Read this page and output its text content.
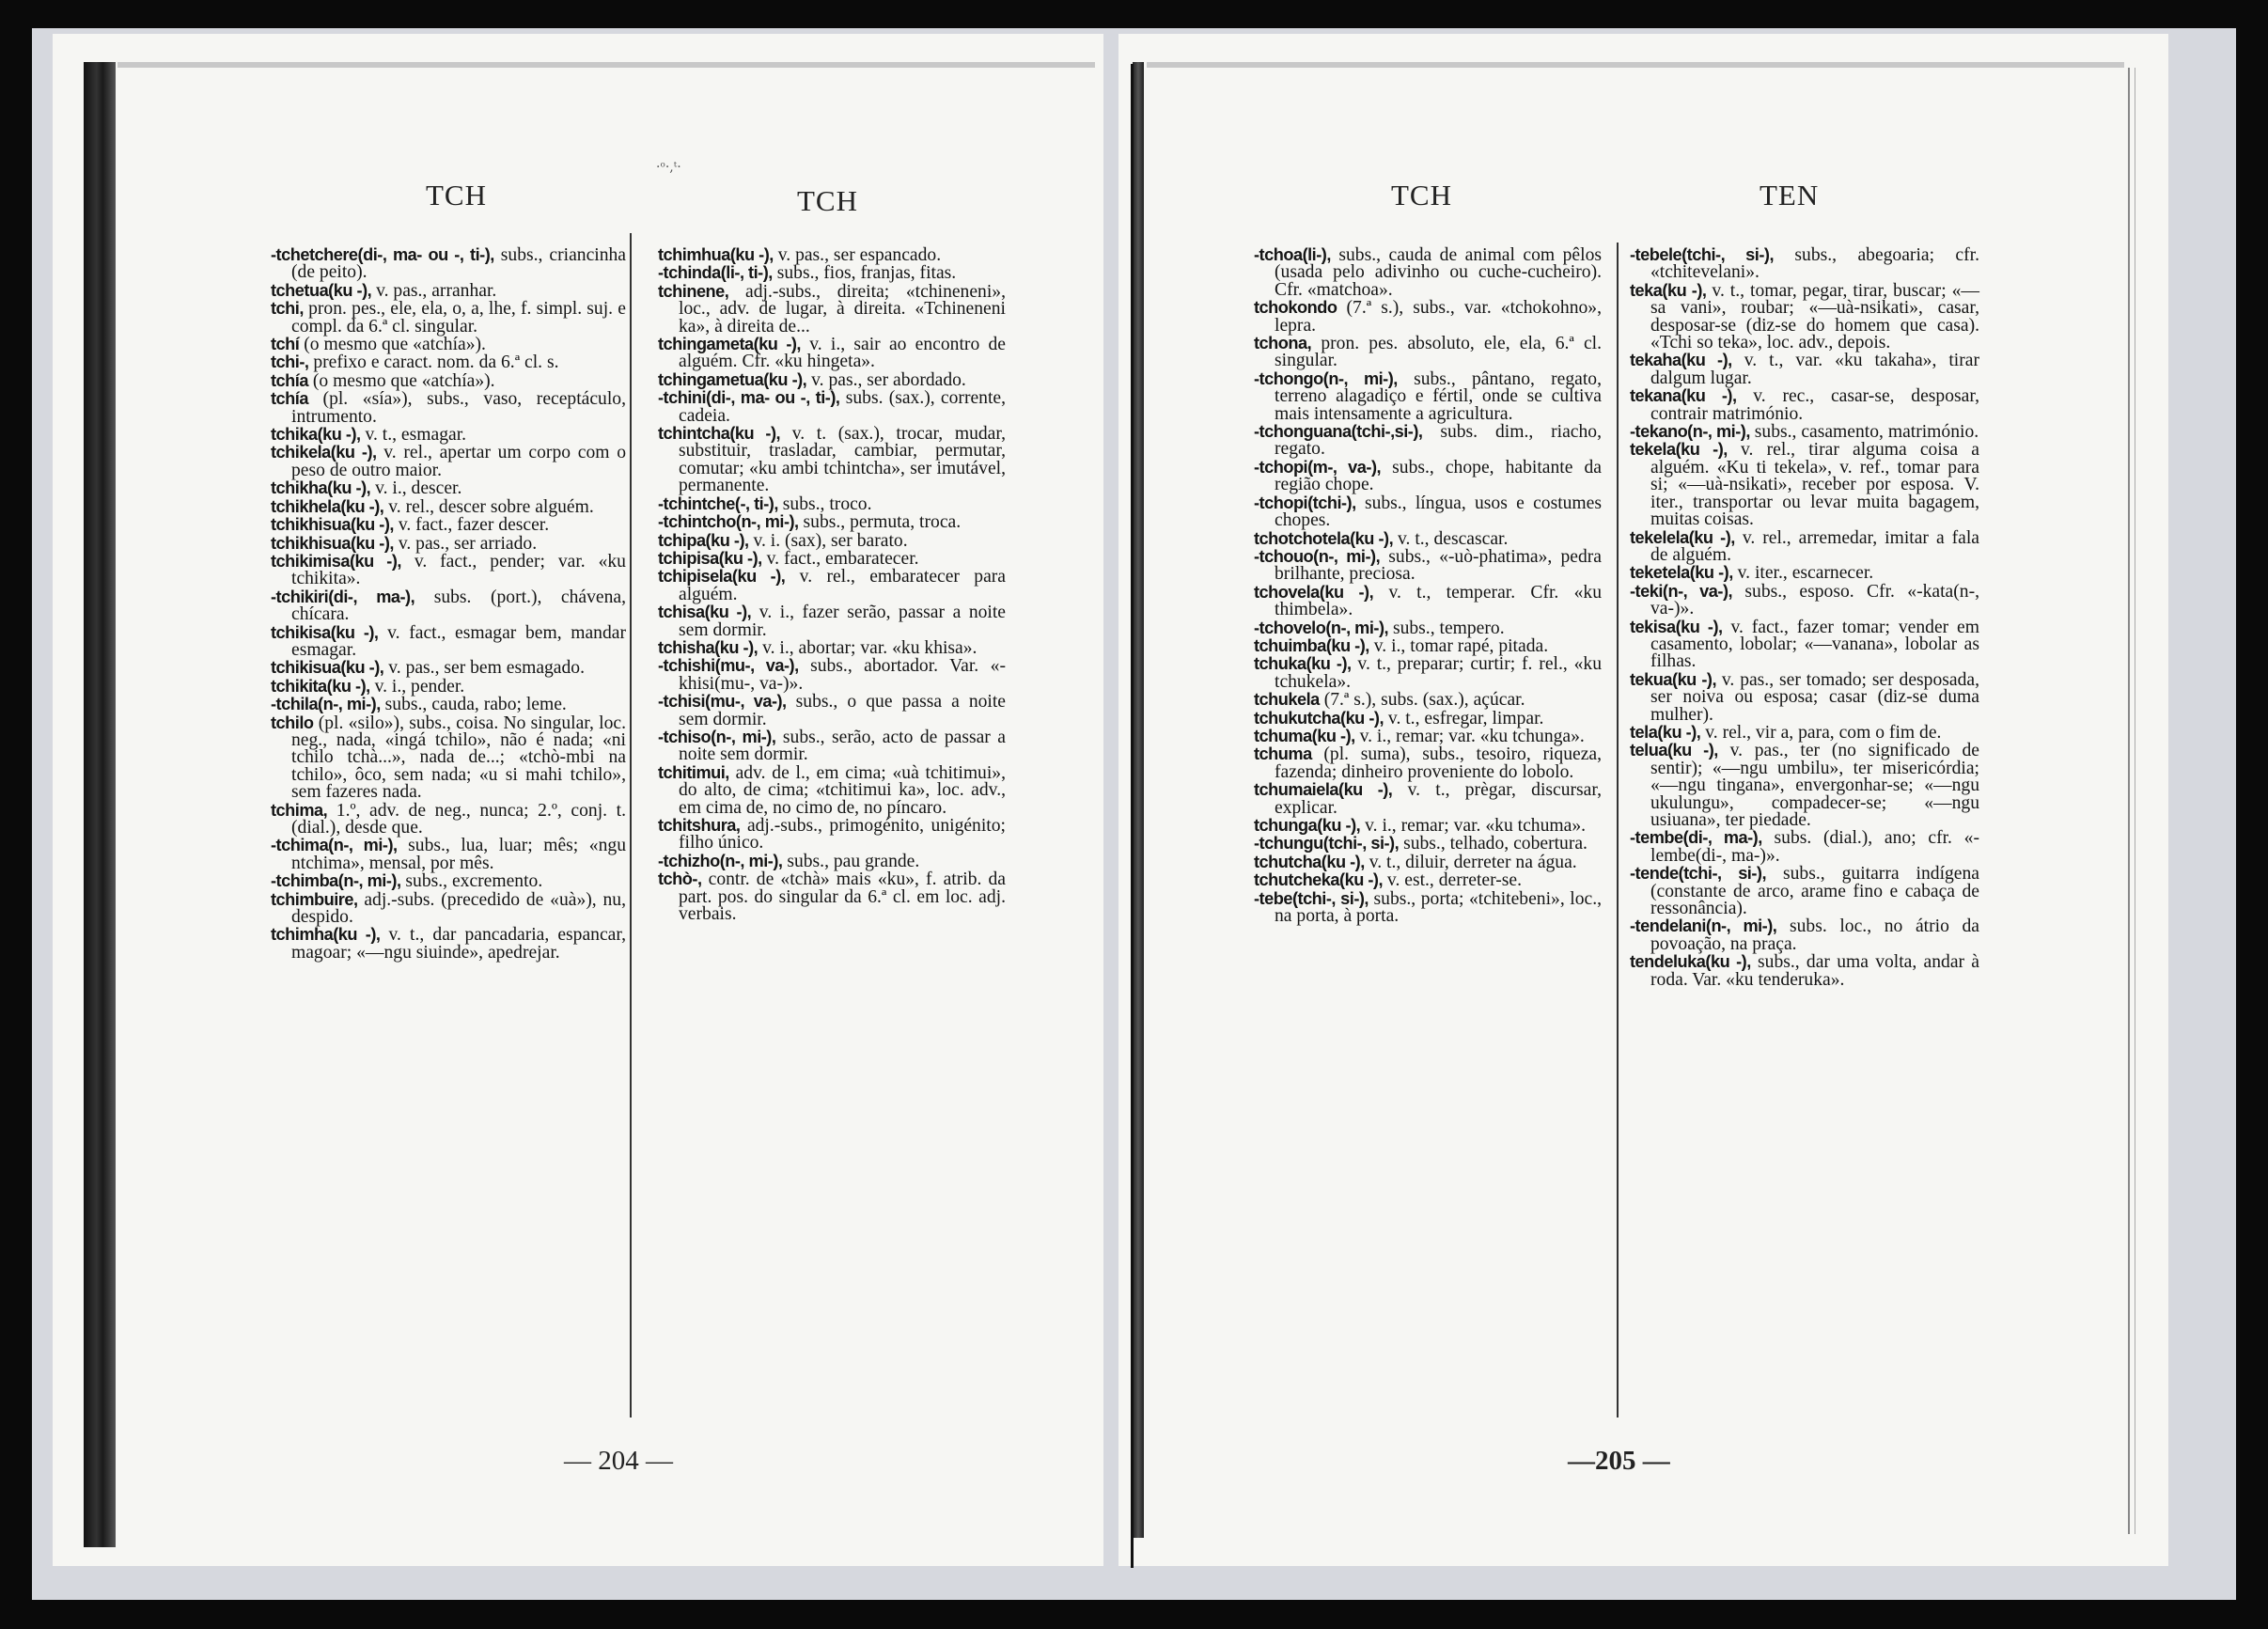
·ᵒ·,ᵗ·
TCH	TCH	TCH	TEN

-tchetchere(di-, ma- ou -, ti-), subs., criancinha (de peito).

tchetua(ku -), v. pas., arranhar.

tchi, pron. pes., ele, ela, o, a, lhe, f. simpl. suj. e compl. da 6.ª cl. singular.

tchí (o mesmo que «atchía»).

tchi-, prefixo e caract. nom. da 6.ª cl. s.

tchía (o mesmo que «atchía»).

tchía (pl. «sía»), subs., vaso, receptáculo, intrumento.

tchika(ku -), v. t., esmagar.

tchikela(ku -), v. rel., apertar um corpo com o peso de outro maior.

tchikha(ku -), v. i., descer.

tchikhela(ku -), v. rel., descer sobre alguém.

tchikhisua(ku -), v. fact., fazer descer.

tchikhisua(ku -), v. pas., ser arriado.

tchikimisa(ku -), v. fact., pender; var. «ku tchikita».

-tchikiri(di-, ma-), subs. (port.), chávena, chícara.

tchikisa(ku -), v. fact., esmagar bem, mandar esmagar.

tchikisua(ku -), v. pas., ser bem esmagado.

tchikita(ku -), v. i., pender.

-tchila(n-, mi-), subs., cauda, rabo; leme.

tchilo (pl. «silo»), subs., coisa. No singular, loc. neg., nada, «ingá tchilo», não é nada; «ni tchilo tchà...», nada de...; «tchò-mbi na tchilo», ôco, sem nada; «u si mahi tchilo», sem fazeres nada.

tchima, 1.º, adv. de neg., nunca; 2.º, conj. t. (dial.), desde que.

-tchima(n-, mi-), subs., lua, luar; mês; «ngu ntchima», mensal, por mês.

-tchimba(n-, mi-), subs., excremento.

tchimbuire, adj.-subs. (precedido de «uà»), nu, despido.

tchimha(ku -), v. t., dar pancadaria, espancar, magoar; «—ngu siuinde», apedrejar.

tchimhua(ku -), v. pas., ser espancado.

-tchinda(li-, ti-), subs., fios, franjas, fitas.

tchinene, adj.-subs., direita; «tchineneni», loc., adv. de lugar, à direita. «Tchineneni ka», à direita de...

tchingameta(ku -), v. i., sair ao encontro de alguém. Cfr. «ku hingeta».

tchingametua(ku -), v. pas., ser abordado.

-tchini(di-, ma- ou -, ti-), subs. (sax.), corrente, cadeia.

tchintcha(ku -), v. t. (sax.), trocar, mudar, substituir, trasladar, cambiar, permutar, comutar; «ku ambi tchintcha», ser imutável, permanente.

-tchintche(-, ti-), subs., troco.

-tchintcho(n-, mi-), subs., permuta, troca.

tchipa(ku -), v. i. (sax), ser barato.

tchipisa(ku -), v. fact., embaratecer.

tchipisela(ku -), v. rel., embaratecer para alguém.

tchisa(ku -), v. i., fazer serão, passar a noite sem dormir.

tchisha(ku -), v. i., abortar; var. «ku khisa».

-tchishi(mu-, va-), subs., abortador. Var. «-khisi(mu-, va-)».

-tchisi(mu-, va-), subs., o que passa a noite sem dormir.

-tchiso(n-, mi-), subs., serão, acto de passar a noite sem dormir.

tchitimui, adv. de l., em cima; «uà tchitimui», do alto, de cima; «tchitimui ka», loc. adv., em cima de, no cimo de, no píncaro.

tchitshura, adj.-subs., primogénito, unigénito; filho único.

-tchizho(n-, mi-), subs., pau grande.

tchò-, contr. de «tchà» mais «ku», f. atrib. da part. pos. do singular da 6.ª cl. em loc. adj. verbais.

-tchoa(li-), subs., cauda de animal com pêlos (usada pelo adivinho ou cuche-cucheiro). Cfr. «matchoa».

tchokondo (7.ª s.), subs., var. «tchokohno», lepra.

tchona, pron. pes. absoluto, ele, ela, 6.ª cl. singular.

-tchongo(n-, mi-), subs., pântano, regato, terreno alagadiço e fértil, onde se cultiva mais intensamente a agricultura.

-tchonguana(tchi-,si-), subs. dim., riacho, regato.

-tchopi(m-, va-), subs., chope, habitante da região chope.

-tchopi(tchi-), subs., língua, usos e costumes chopes.

tchotchotela(ku -), v. t., descascar.

-tchouo(n-, mi-), subs., «-uò-phatima», pedra brilhante, preciosa.

tchovela(ku -), v. t., temperar. Cfr. «ku thimbela».

-tchovelo(n-, mi-), subs., tempero.

tchuimba(ku -), v. i., tomar rapé, pitada.

tchuka(ku -), v. t., preparar; curtir; f. rel., «ku tchukela».

tchukela (7.ª s.), subs. (sax.), açúcar.

tchukutcha(ku -), v. t., esfregar, limpar.

tchuma(ku -), v. i., remar; var. «ku tchunga».

tchuma (pl. suma), subs., tesoiro, riqueza, fazenda; dinheiro proveniente do lobolo.

tchumaiela(ku -), v. t., prègar, discursar, explicar.

tchunga(ku -), v. i., remar; var. «ku tchuma».

-tchungu(tchi-, si-), subs., telhado, cobertura.

tchutcha(ku -), v. t., diluir, derreter na água.

tchutcheka(ku -), v. est., derreter-se.

-tebe(tchi-, si-), subs., porta; «tchitebeni», loc., na porta, à porta.

-tebele(tchi-, si-), subs., abegoaria; cfr. «tchitevelani».

teka(ku -), v. t., tomar, pegar, tirar, buscar; «—sa vani», roubar; «—uà-nsikati», casar, desposar-se (diz-se do homem que casa). «Tchi so teka», loc. adv., depois.

tekaha(ku -), v. t., var. «ku takaha», tirar dalgum lugar.

tekana(ku -), v. rec., casar-se, desposar, contrair matrimónio.

-tekano(n-, mi-), subs., casamento, matrimónio.

tekela(ku -), v. rel., tirar alguma coisa a alguém. «Ku ti tekela», v. ref., tomar para si; «—uà-nsikati», receber por esposa. V. iter., transportar ou levar muita bagagem, muitas coisas.

tekelela(ku -), v. rel., arremedar, imitar a fala de alguém.

teketela(ku -), v. iter., escarnecer.

-teki(n-, va-), subs., esposo. Cfr. «-kata(n-, va-)».

tekisa(ku -), v. fact., fazer tomar; vender em casamento, lobolar; «—vanana», lobolar as filhas.

tekua(ku -), v. pas., ser tomado; ser desposada, ser noiva ou esposa; casar (diz-se duma mulher).

tela(ku -), v. rel., vir a, para, com o fim de.

telua(ku -), v. pas., ter (no significado de sentir); «—ngu umbilu», ter misericórdia; «—ngu tingana», envergonhar-se; «—ngu ukulungu», compadecer-se; «—ngu usiuana», ter piedade.

-tembe(di-, ma-), subs. (dial.), ano; cfr. «-lembe(di-, ma-)».

-tende(tchi-, si-), subs., guitarra indígena (constante de arco, arame fino e cabaça de ressonância).

-tendelani(n-, mi-), subs. loc., no átrio da povoação, na praça.

tendeluka(ku -), subs., dar uma volta, andar à roda. Var. «ku tenderuka».

— 204 —	—205 —
